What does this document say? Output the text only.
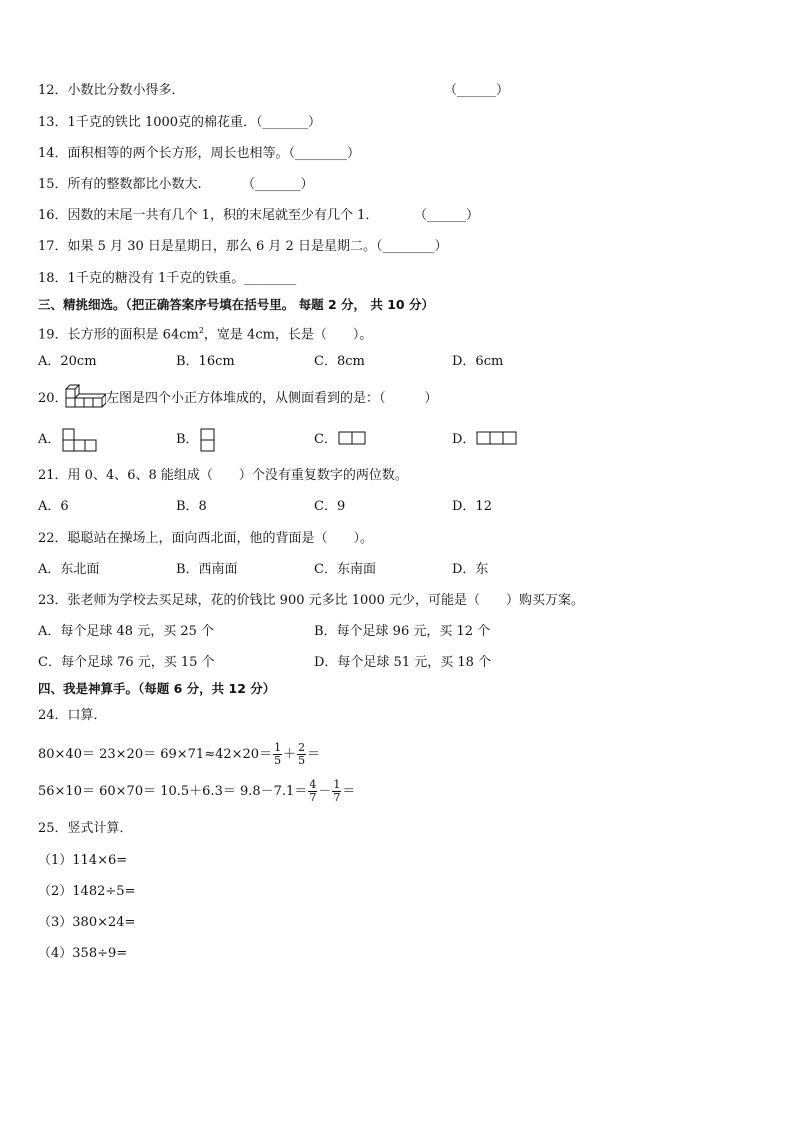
12．小数比分数小得多．	（______）
13．1千克的铁比 1000克的棉花重．（_______）
14．面积相等的两个长方形，周长也相等。（________）
15．所有的整数都比小数大.	（_______）
16．因数的末尾一共有几个 1，积的末尾就至少有几个 1．	（______）
17．如果 5 月 30 日是星期日，那么 6 月 2 日是星期二。（________）
18．1千克的糖没有 1千克的铁重。________
三、精挑细选。（把正确答案序号填在括号里。 每题 2 分， 共 10 分）
19．长方形的面积是 $64cm^2$，宽是 4cm，长是（　　）。
A．20cm	B．16cm	C．8cm	D．6cm
20．	左图是四个小正方体堆成的，从侧面看到的是：（　　　）
A．	B．	C．	D．
21．用 0、4、6、8 能组成（　　）个没有重复数字的两位数。
A．6	B．8	C．9	D．12
22．聪聪站在操场上，面向西北面，他的背面是（　　）。
A．东北面	B．西南面	C．东南面	D．东
23．张老师为学校去买足球，花的价钱比 900 元多比 1000 元少，可能是（　　）购买万案。
A．每个足球 48 元，买 25 个	B．每个足球 96 元，买 12 个
C．每个足球 76 元，买 15 个	D．每个足球 51 元，买 18 个
四、我是神算手。（每题 6 分，共 12 分）
24．口算．
$80\times 40= 23\times 20= 69\times 71\approx 42\times 20= \frac{1}{5} + \frac{2}{5}$ ＝
$56\times 10= 60\times 70= 10.5+6.3= 9.8-7.1= \frac{4}{7} - \frac{1}{7}$ ＝
25．竖式计算．
（1）114×6=
（2）1482÷5=
（3）380×24=
（4）358÷9=
